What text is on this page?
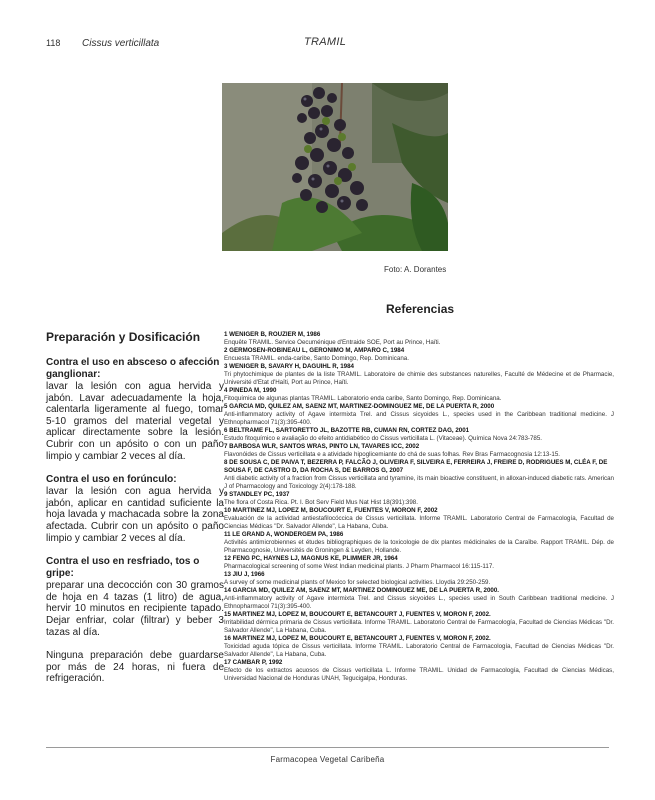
118 Cissus verticillata	TRAMIL
Foto: A. Dorantes
Referencias
Preparación y Dosificación
Contra el uso en absceso o afección ganglionar:

lavar la lesión con agua hervida y jabón. Lavar adecuadamente la hoja, calentarla ligeramente al fuego, tomar 5-10 gramos del material vegetal y aplicar directamente sobre la lesión. Cubrir con un apósito o con un paño limpio y cambiar 2 veces al día.

Contra el uso en forúnculo:

lavar la lesión con agua hervida y jabón, aplicar en cantidad suficiente la hoja lavada y machacada sobre la zona afectada. Cubrir con un apósito o paño limpio y cambiar 2 veces al día.

Contra el uso en resfriado, tos o gripe:

preparar una decocción con 30 gramos de hoja en 4 tazas (1 litro) de agua, hervir 10 minutos en recipiente tapado. Dejar enfriar, colar (filtrar) y beber 3 tazas al día.

Ninguna preparación debe guardarse por más de 24 horas, ni fuera de refrigeración.

1 WENIGER B, ROUZIER M, 1986
Enquête TRAMIL. Service Oecuménique d'Entraide SOE, Port au Prince, Haïti.
2 GERMOSEN-ROBINEAU L, GERONIMO M, AMPARO C, 1984
Encuesta TRAMIL. enda-caribe, Santo Domingo, Rep. Dominicana.
3 WENIGER B, SAVARY H, DAGUIHL R, 1984
Tri phytochimique de plantes de la liste TRAMIL. Laboratoire de chimie des substances naturelles, Faculté de Médecine et de Pharmacie, Université d'Etat d'Haïti, Port au Prince, Haïti.
4 PINEDA M, 1990
Fitoquímica de algunas plantas TRAMIL. Laboratorio enda caribe, Santo Domingo, Rep. Dominicana.
5 GARCIA MD, QUILEZ AM, SAENZ MT, MARTINEZ-DOMINGUEZ ME, DE LA PUERTA R, 2000
Anti-inflammatory activity of Agave intermixta Trel. and Cissus sicyoides L., species used in the Caribbean traditional medicine. J Ethnopharmacol 71(3):395-400.
6 BELTRAME FL, SARTORETTO JL, BAZOTTE RB, CUMAN RN, CORTEZ DAG, 2001
Estudo fitoquímico e avaliação do efeito antidiabético do Cissus verticillata L. (Vitaceae). Química Nova 24:783-785.
7 BARBOSA WLR, SANTOS WRAS, PINTO LN, TAVARES ICC, 2002
Flavonóides de Cissus verticillata e a atividade hipoglicemiante do chá de suas folhas. Rev Bras Farmacognosia 12:13-15.
8 DE SOUSA C, DE PAIVA T, BEZERRA P, FALCÃO J, OLIVEIRA F, SILVEIRA E, FERREIRA J, FREIRE D, RODRIGUES M, CLÉA F, DE SOUSA F, DE CASTRO D, DA ROCHA S, DE BARROS G, 2007
Anti diabetic activity of a fraction from Cissus verticillata and tyramine, its main bioactive constituent, in alloxan-induced diabetic rats. American J of Pharmacology and Toxicology 2(4):178-188.
9 STANDLEY PC, 1937
The flora of Costa Rica. Pt. I. Bot Serv Field Mus Nat Hist 18(391):398.
10 MARTINEZ MJ, LOPEZ M, BOUCOURT E, FUENTES V, MORON F, 2002
Evaluación de la actividad antiestafilocóccica de Cissus verticillata. Informe TRAMIL. Laboratorio Central de Farmacología, Facultad de Ciencias Médicas "Dr. Salvador Allende", La Habana, Cuba.
11 LE GRAND A, WONDERGEM PA, 1986
Activités antimicrobiennes et études bibliographiques de la toxicologie de dix plantes médicinales de la Caraïbe. Rapport TRAMIL. Dép. de Pharmacognosie, Universités de Groningen & Leyden, Hollande.
12 FENG PC, HAYNES LJ, MAGNUS KE, PLIMMER JR, 1964
Pharmacological screening of some West Indian medicinal plants. J Pharm Pharmacol 16:115-117.
13 JIU J, 1966
A survey of some medicinal plants of Mexico for selected biological activities. Lloydia 29:250-259.
14 GARCIA MD, QUILEZ AM, SAENZ MT, MARTINEZ DOMINGUEZ ME, DE LA PUERTA R, 2000.
Anti-inflammatory activity of Agave intermixta Trel. and Cissus sicyoides L., species used in South Caribbean traditional medicine. J Ethnopharmacol 71(3):395-400.
15 MARTINEZ MJ, LOPEZ M, BOUCOURT E, BETANCOURT J, FUENTES V, MORON F, 2002.
Irritabilidad dérmica primaria de Cissus verticillata. Informe TRAMIL. Laboratorio Central de Farmacología, Facultad de Ciencias Médicas "Dr. Salvador Allende", La Habana, Cuba.
16 MARTINEZ MJ, LOPEZ M, BOUCOURT E, BETANCOURT J, FUENTES V, MORON F, 2002.
Toxicidad aguda tópica de Cissus verticillata. Informe TRAMIL. Laboratorio Central de Farmacología, Facultad de Ciencias Médicas "Dr. Salvador Allende", La Habana, Cuba.
17 CAMBAR P, 1992
Efecto de los extractos acuosos de Cissus verticillata L. Informe TRAMIL. Unidad de Farmacología, Facultad de Ciencias Médicas, Universidad Nacional de Honduras UNAH, Tegucigalpa, Honduras.
Farmacopea Vegetal Caribeña
